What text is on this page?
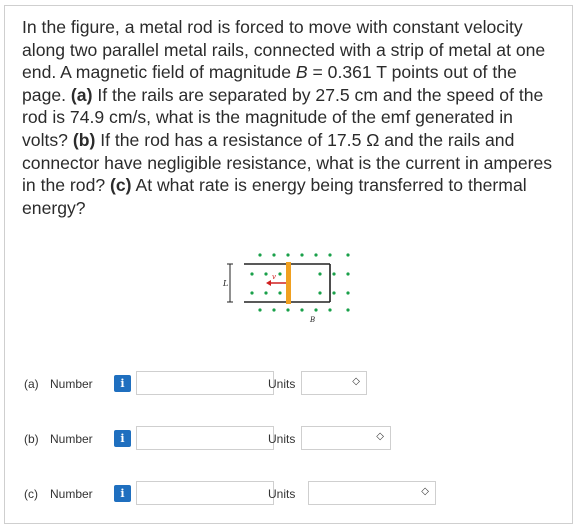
In the figure, a metal rod is forced to move with constant velocity along two parallel metal rails, connected with a strip of metal at one end. A magnetic field of magnitude B = 0.361 T points out of the page. (a) If the rails are separated by 27.5 cm and the speed of the rod is 74.9 cm/s, what is the magnitude of the emf generated in volts? (b) If the rod has a resistance of 17.5 Ω and the rails and connector have negligible resistance, what is the current in amperes in the rod? (c) At what rate is energy being transferred to thermal energy?

L
v
B
(a) Number	i	Units	◇
(b) Number	i	Units	◇
(c) Number	i	Units	◇
